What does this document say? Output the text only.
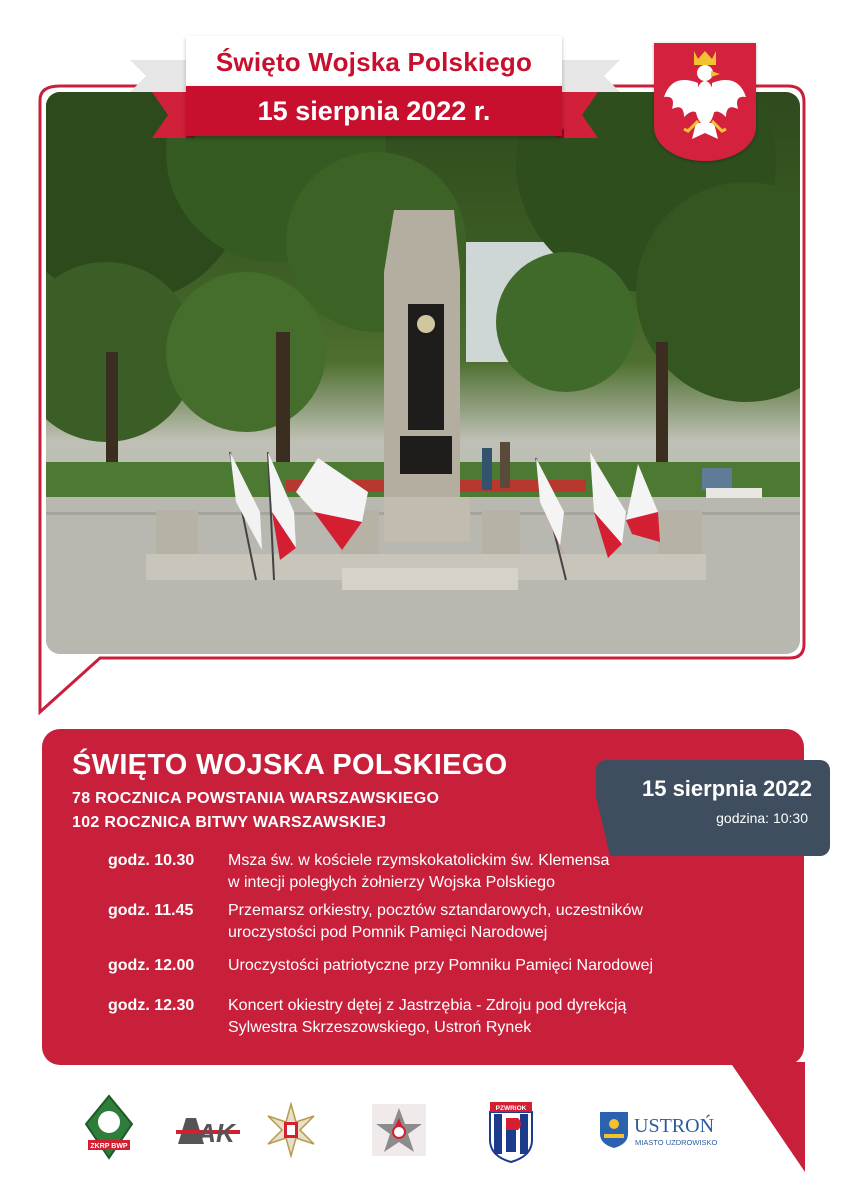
Święto Wojska Polskiego
15 sierpnia 2022 r.
ŚWIĘTO WOJSKA POLSKIEGO
78 ROCZNICA POWSTANIA WARSZAWSKIEGO
102 ROCZNICA BITWY WARSZAWSKIEJ
15 sierpnia 2022
godzina: 10:30
godz. 10.30	Msza św. w kościele rzymskokatolickim św. Klemensa
w intecji poległych żołnierzy Wojska Polskiego
godz. 11.45	Przemarsz orkiestry, pocztów sztandarowych, uczestników
uroczystości pod Pomnik Pamięci Narodowej
godz. 12.00	Uroczystości patriotyczne przy Pomniku Pamięci Narodowej
godz. 12.30	Koncert okiestry dętej z Jastrzębia - Zdroju pod dyrekcją
Sylwestra Skrzeszowskiego, Ustroń Rynek
ZKRP BWP	AK
PZWRiOK
USTROŃ
MIASTO UZDROWISKO
